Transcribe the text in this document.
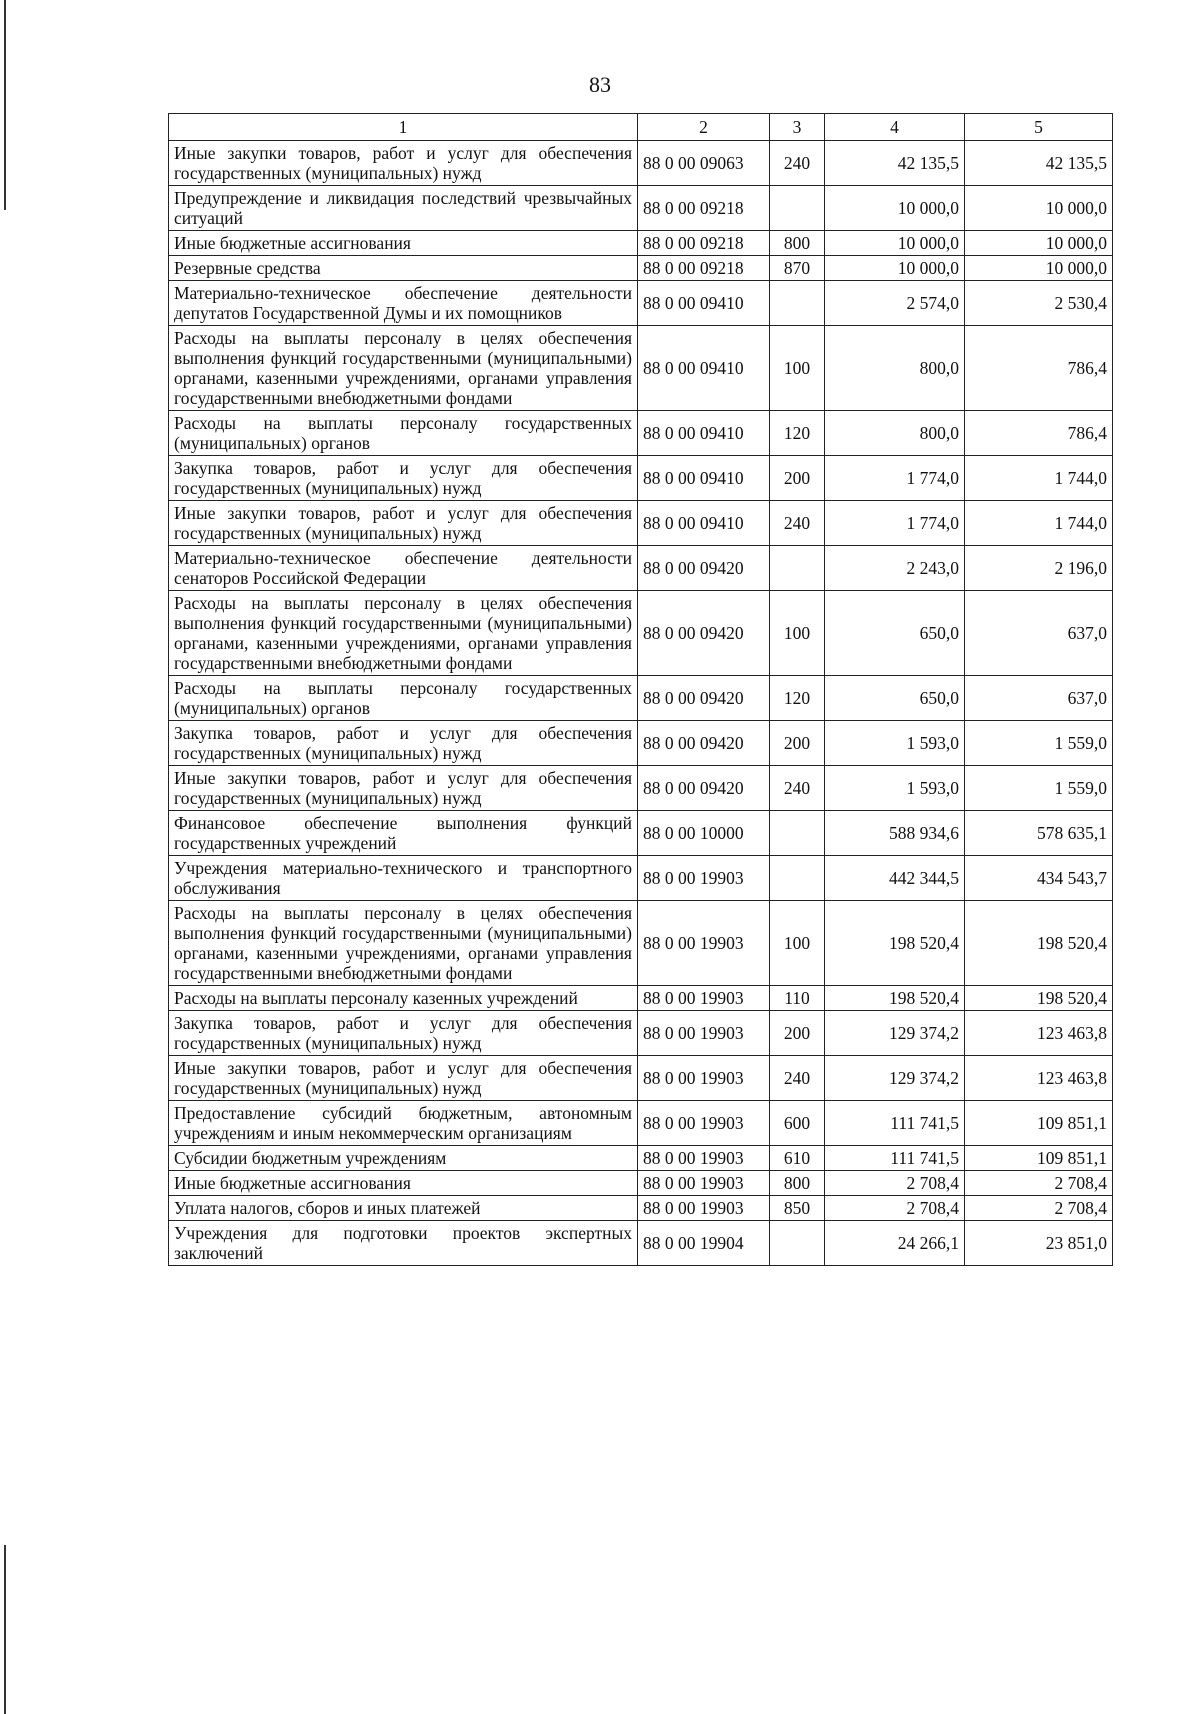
83
1	2	3	4	5
Иные закупки товаров, работ и услуг для обеспечения государственных (муниципальных) нужд	88 0 00 09063	240	42 135,5	42 135,5
Предупреждение и ликвидация последствий чрезвычайных ситуаций	88 0 00 09218		10 000,0	10 000,0
Иные бюджетные ассигнования	88 0 00 09218	800	10 000,0	10 000,0
Резервные средства	88 0 00 09218	870	10 000,0	10 000,0
Материально-техническое обеспечение деятельности депутатов Государственной Думы и их помощников	88 0 00 09410		2 574,0	2 530,4
Расходы на выплаты персоналу в целях обеспечения выполнения функций государственными (муниципальными) органами, казенными учреждениями, органами управления государственными внебюджетными фондами	88 0 00 09410	100	800,0	786,4
Расходы на выплаты персоналу государственных (муниципальных) органов	88 0 00 09410	120	800,0	786,4
Закупка товаров, работ и услуг для обеспечения государственных (муниципальных) нужд	88 0 00 09410	200	1 774,0	1 744,0
Иные закупки товаров, работ и услуг для обеспечения государственных (муниципальных) нужд	88 0 00 09410	240	1 774,0	1 744,0
Материально-техническое обеспечение деятельности сенаторов Российской Федерации	88 0 00 09420		2 243,0	2 196,0
Расходы на выплаты персоналу в целях обеспечения выполнения функций государственными (муниципальными) органами, казенными учреждениями, органами управления государственными внебюджетными фондами	88 0 00 09420	100	650,0	637,0
Расходы на выплаты персоналу государственных (муниципальных) органов	88 0 00 09420	120	650,0	637,0
Закупка товаров, работ и услуг для обеспечения государственных (муниципальных) нужд	88 0 00 09420	200	1 593,0	1 559,0
Иные закупки товаров, работ и услуг для обеспечения государственных (муниципальных) нужд	88 0 00 09420	240	1 593,0	1 559,0
Финансовое обеспечение выполнения функций государственных учреждений	88 0 00 10000		588 934,6	578 635,1
Учреждения материально-технического и транспортного обслуживания	88 0 00 19903		442 344,5	434 543,7
Расходы на выплаты персоналу в целях обеспечения выполнения функций государственными (муниципальными) органами, казенными учреждениями, органами управления государственными внебюджетными фондами	88 0 00 19903	100	198 520,4	198 520,4
Расходы на выплаты персоналу казенных учреждений	88 0 00 19903	110	198 520,4	198 520,4
Закупка товаров, работ и услуг для обеспечения государственных (муниципальных) нужд	88 0 00 19903	200	129 374,2	123 463,8
Иные закупки товаров, работ и услуг для обеспечения государственных (муниципальных) нужд	88 0 00 19903	240	129 374,2	123 463,8
Предоставление субсидий бюджетным, автономным учреждениям и иным некоммерческим организациям	88 0 00 19903	600	111 741,5	109 851,1
Субсидии бюджетным учреждениям	88 0 00 19903	610	111 741,5	109 851,1
Иные бюджетные ассигнования	88 0 00 19903	800	2 708,4	2 708,4
Уплата налогов, сборов и иных платежей	88 0 00 19903	850	2 708,4	2 708,4
Учреждения для подготовки проектов экспертных заключений	88 0 00 19904		24 266,1	23 851,0
